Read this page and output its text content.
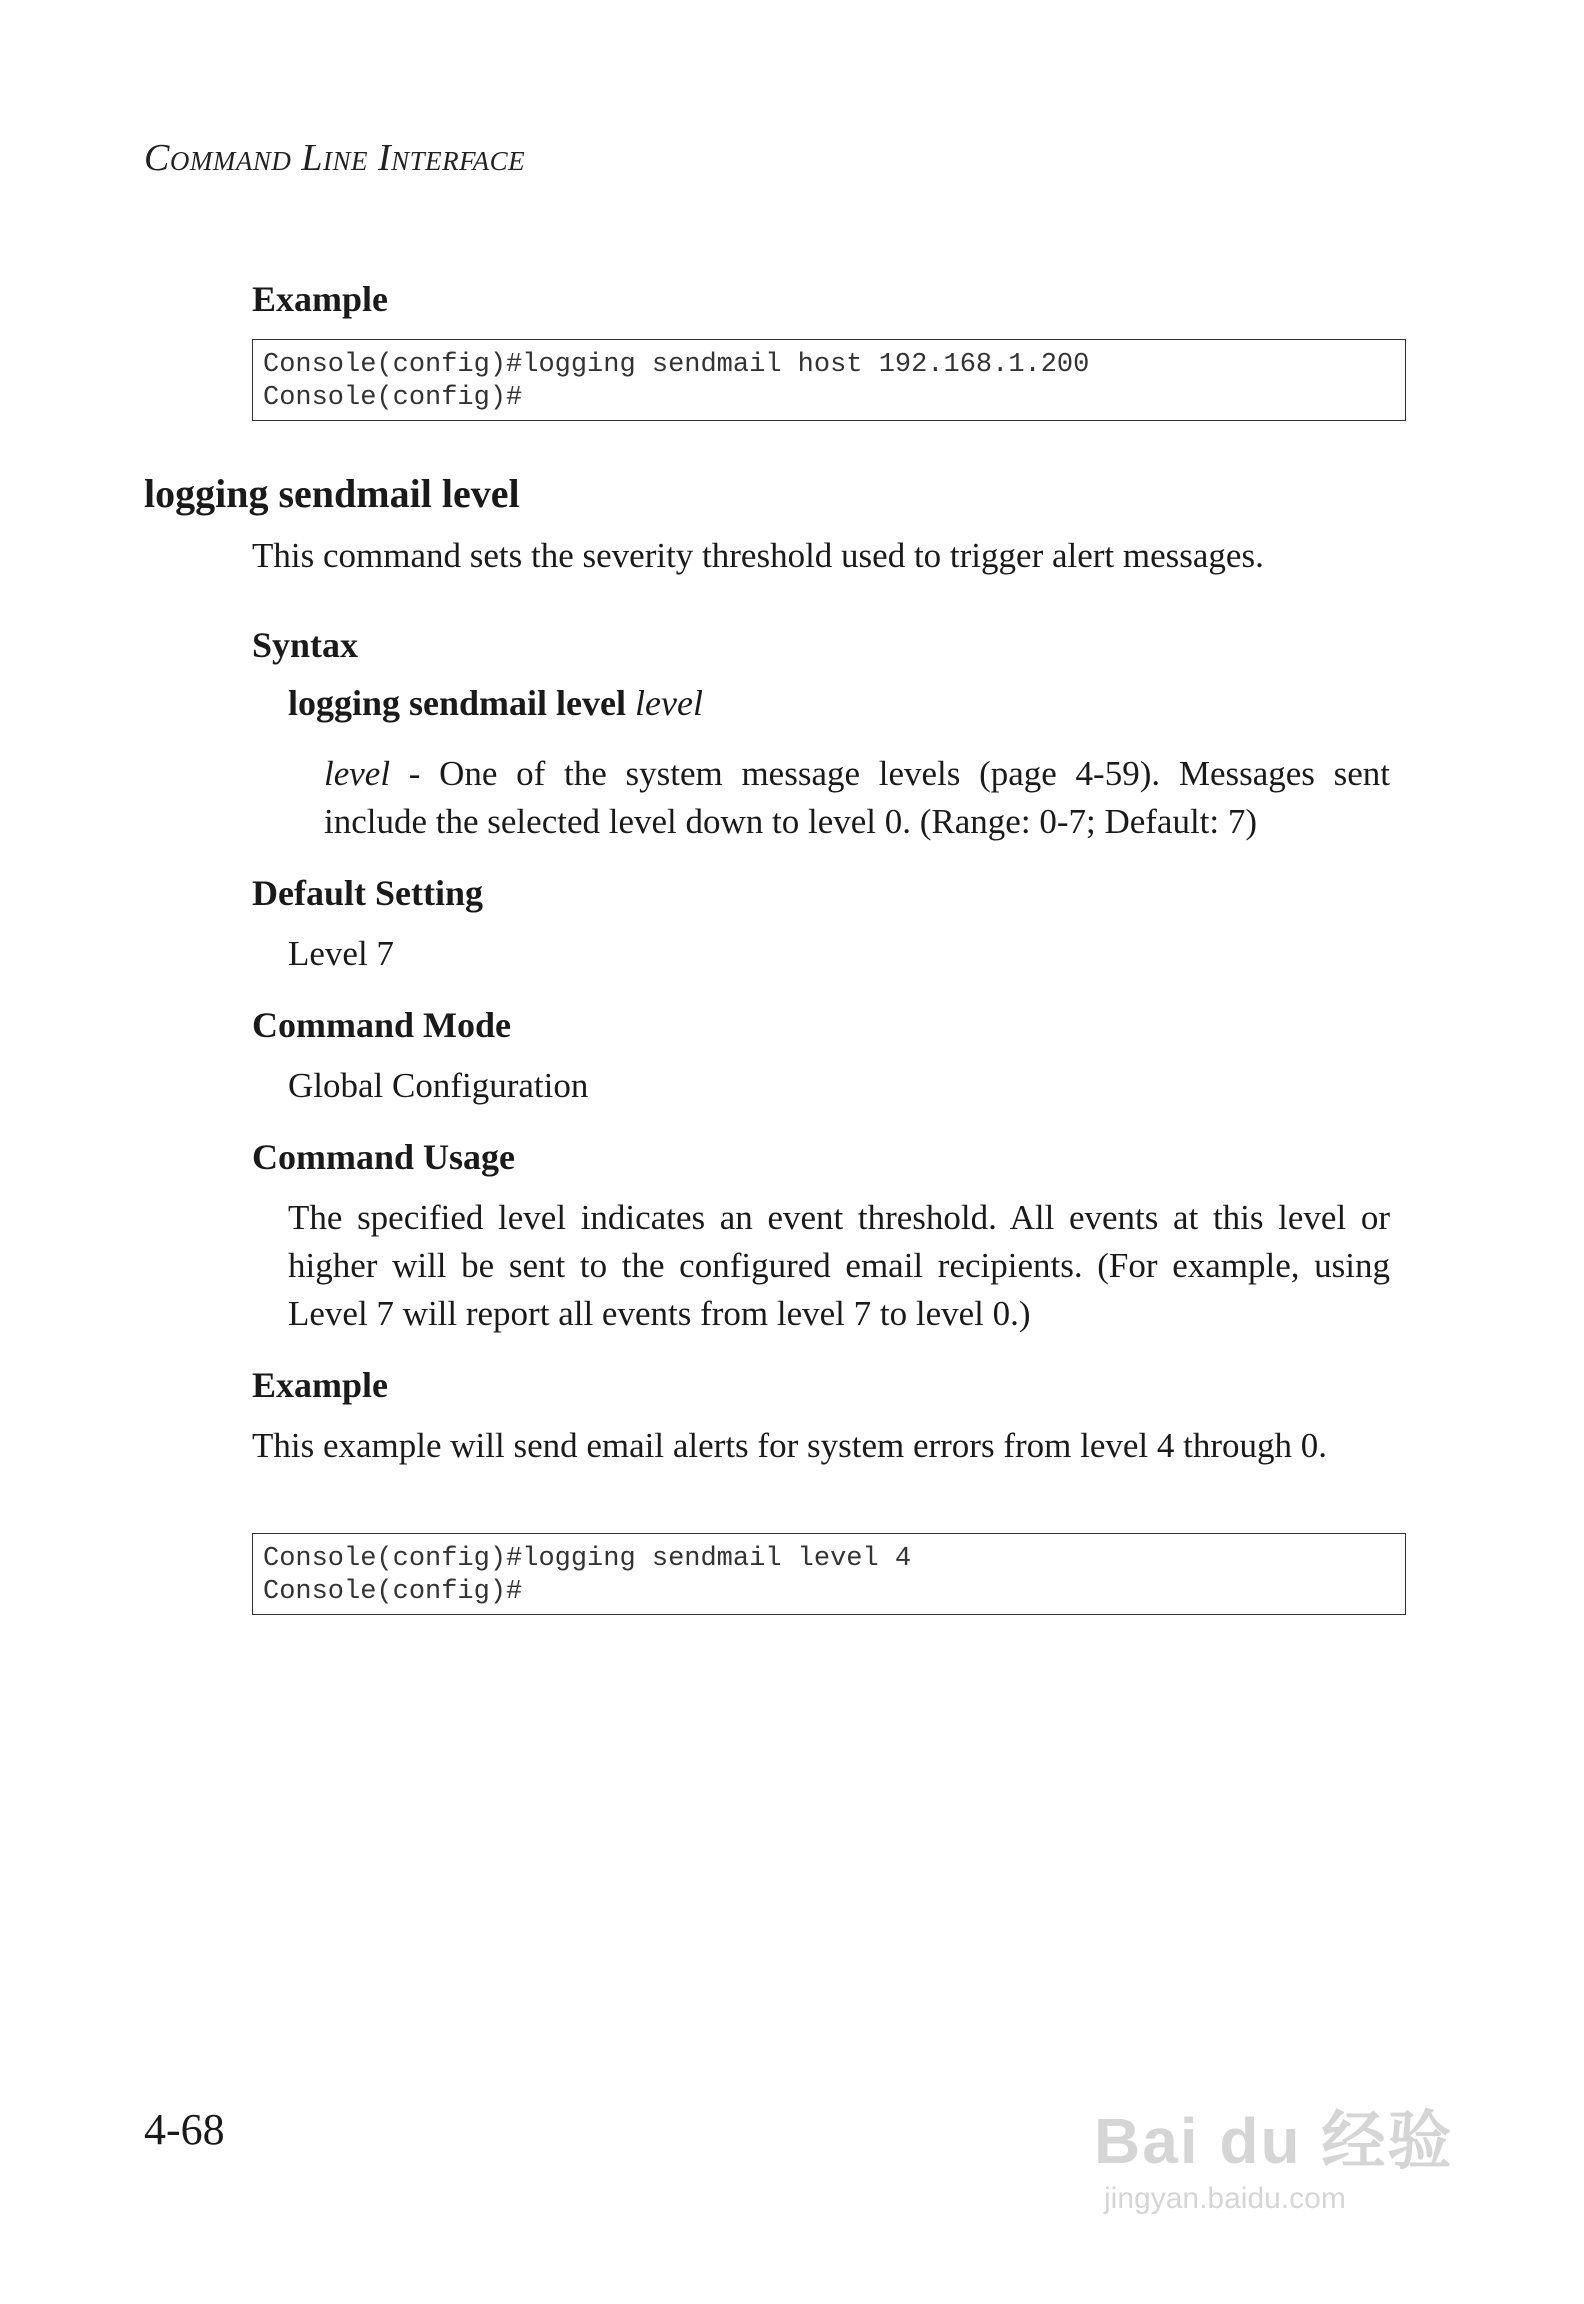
Command Line Interface
Example
Console(config)#logging sendmail host 192.168.1.200
Console(config)#
logging sendmail level
This command sets the severity threshold used to trigger alert messages.
Syntax
logging sendmail level level
level - One of the system message levels (page 4-59). Messages sent include the selected level down to level 0. (Range: 0-7; Default: 7)
Default Setting
Level 7
Command Mode
Global Configuration
Command Usage
The specified level indicates an event threshold. All events at this level or higher will be sent to the configured email recipients. (For example, using Level 7 will report all events from level 7 to level 0.)
Example
This example will send email alerts for system errors from level 4 through 0.
Console(config)#logging sendmail level 4
Console(config)#
4-68	Bai du 经验
jingyan.baidu.com
